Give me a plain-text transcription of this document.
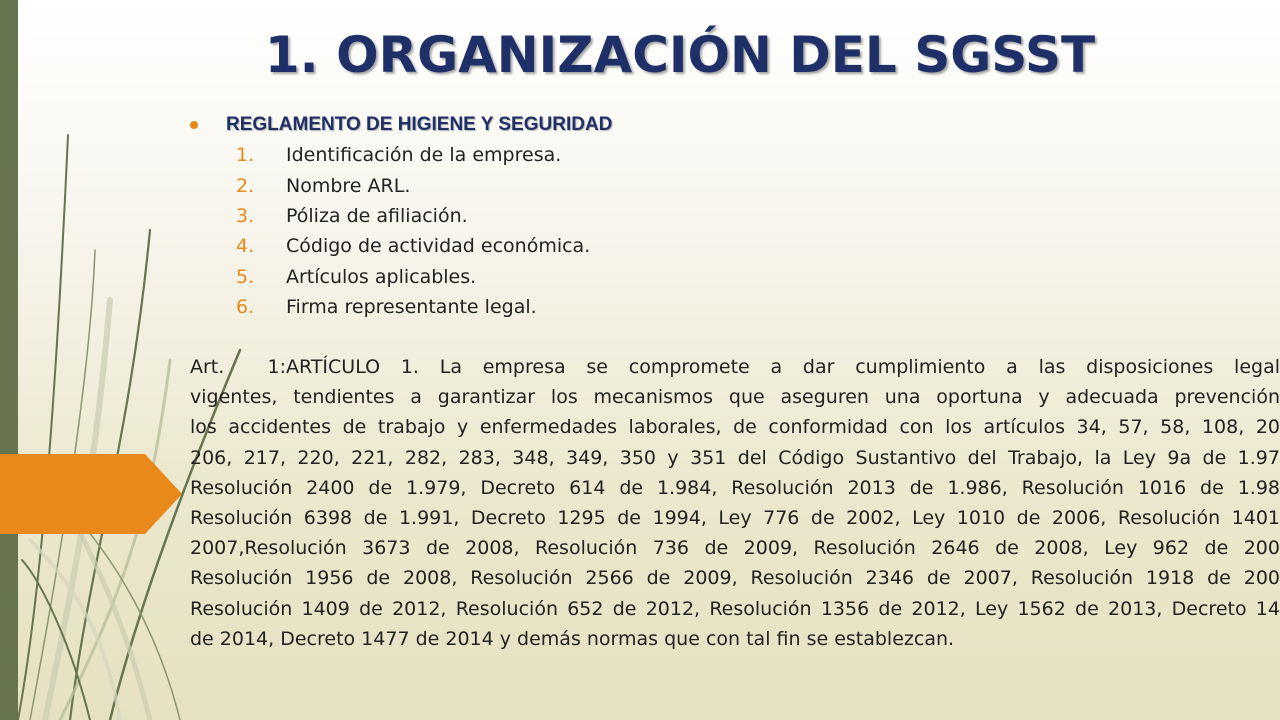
1. ORGANIZACIÓN DEL SGSST
REGLAMENTO DE HIGIENE Y SEGURIDAD
1.	Identificación de la empresa.
2.	Nombre ARL.
3.	Póliza de afiliación.
4.	Código de actividad económica.
5.	Artículos aplicables.
6.	Firma representante legal.
Art. 1:ARTÍCULO 1. La empresa se compromete a dar cumplimiento a las disposiciones legal
vigentes, tendientes a garantizar los mecanismos que aseguren una oportuna y adecuada prevención
los accidentes de trabajo y enfermedades laborales, de conformidad con los artículos 34, 57, 58, 108, 20
206, 217, 220, 221, 282, 283, 348, 349, 350 y 351 del Código Sustantivo del Trabajo, la Ley 9a de 1.97
Resolución 2400 de 1.979, Decreto 614 de 1.984, Resolución 2013 de 1.986, Resolución 1016 de 1.98
Resolución 6398 de 1.991, Decreto 1295 de 1994, Ley 776 de 2002, Ley 1010 de 2006, Resolución 1401
2007,Resolución 3673 de 2008, Resolución 736 de 2009, Resolución 2646 de 2008, Ley 962 de 200
Resolución 1956 de 2008, Resolución 2566 de 2009, Resolución 2346 de 2007, Resolución 1918 de 200
Resolución 1409 de 2012, Resolución 652 de 2012, Resolución 1356 de 2012, Ley 1562 de 2013, Decreto 14
de 2014, Decreto 1477 de 2014 y demás normas que con tal fin se establezcan.
